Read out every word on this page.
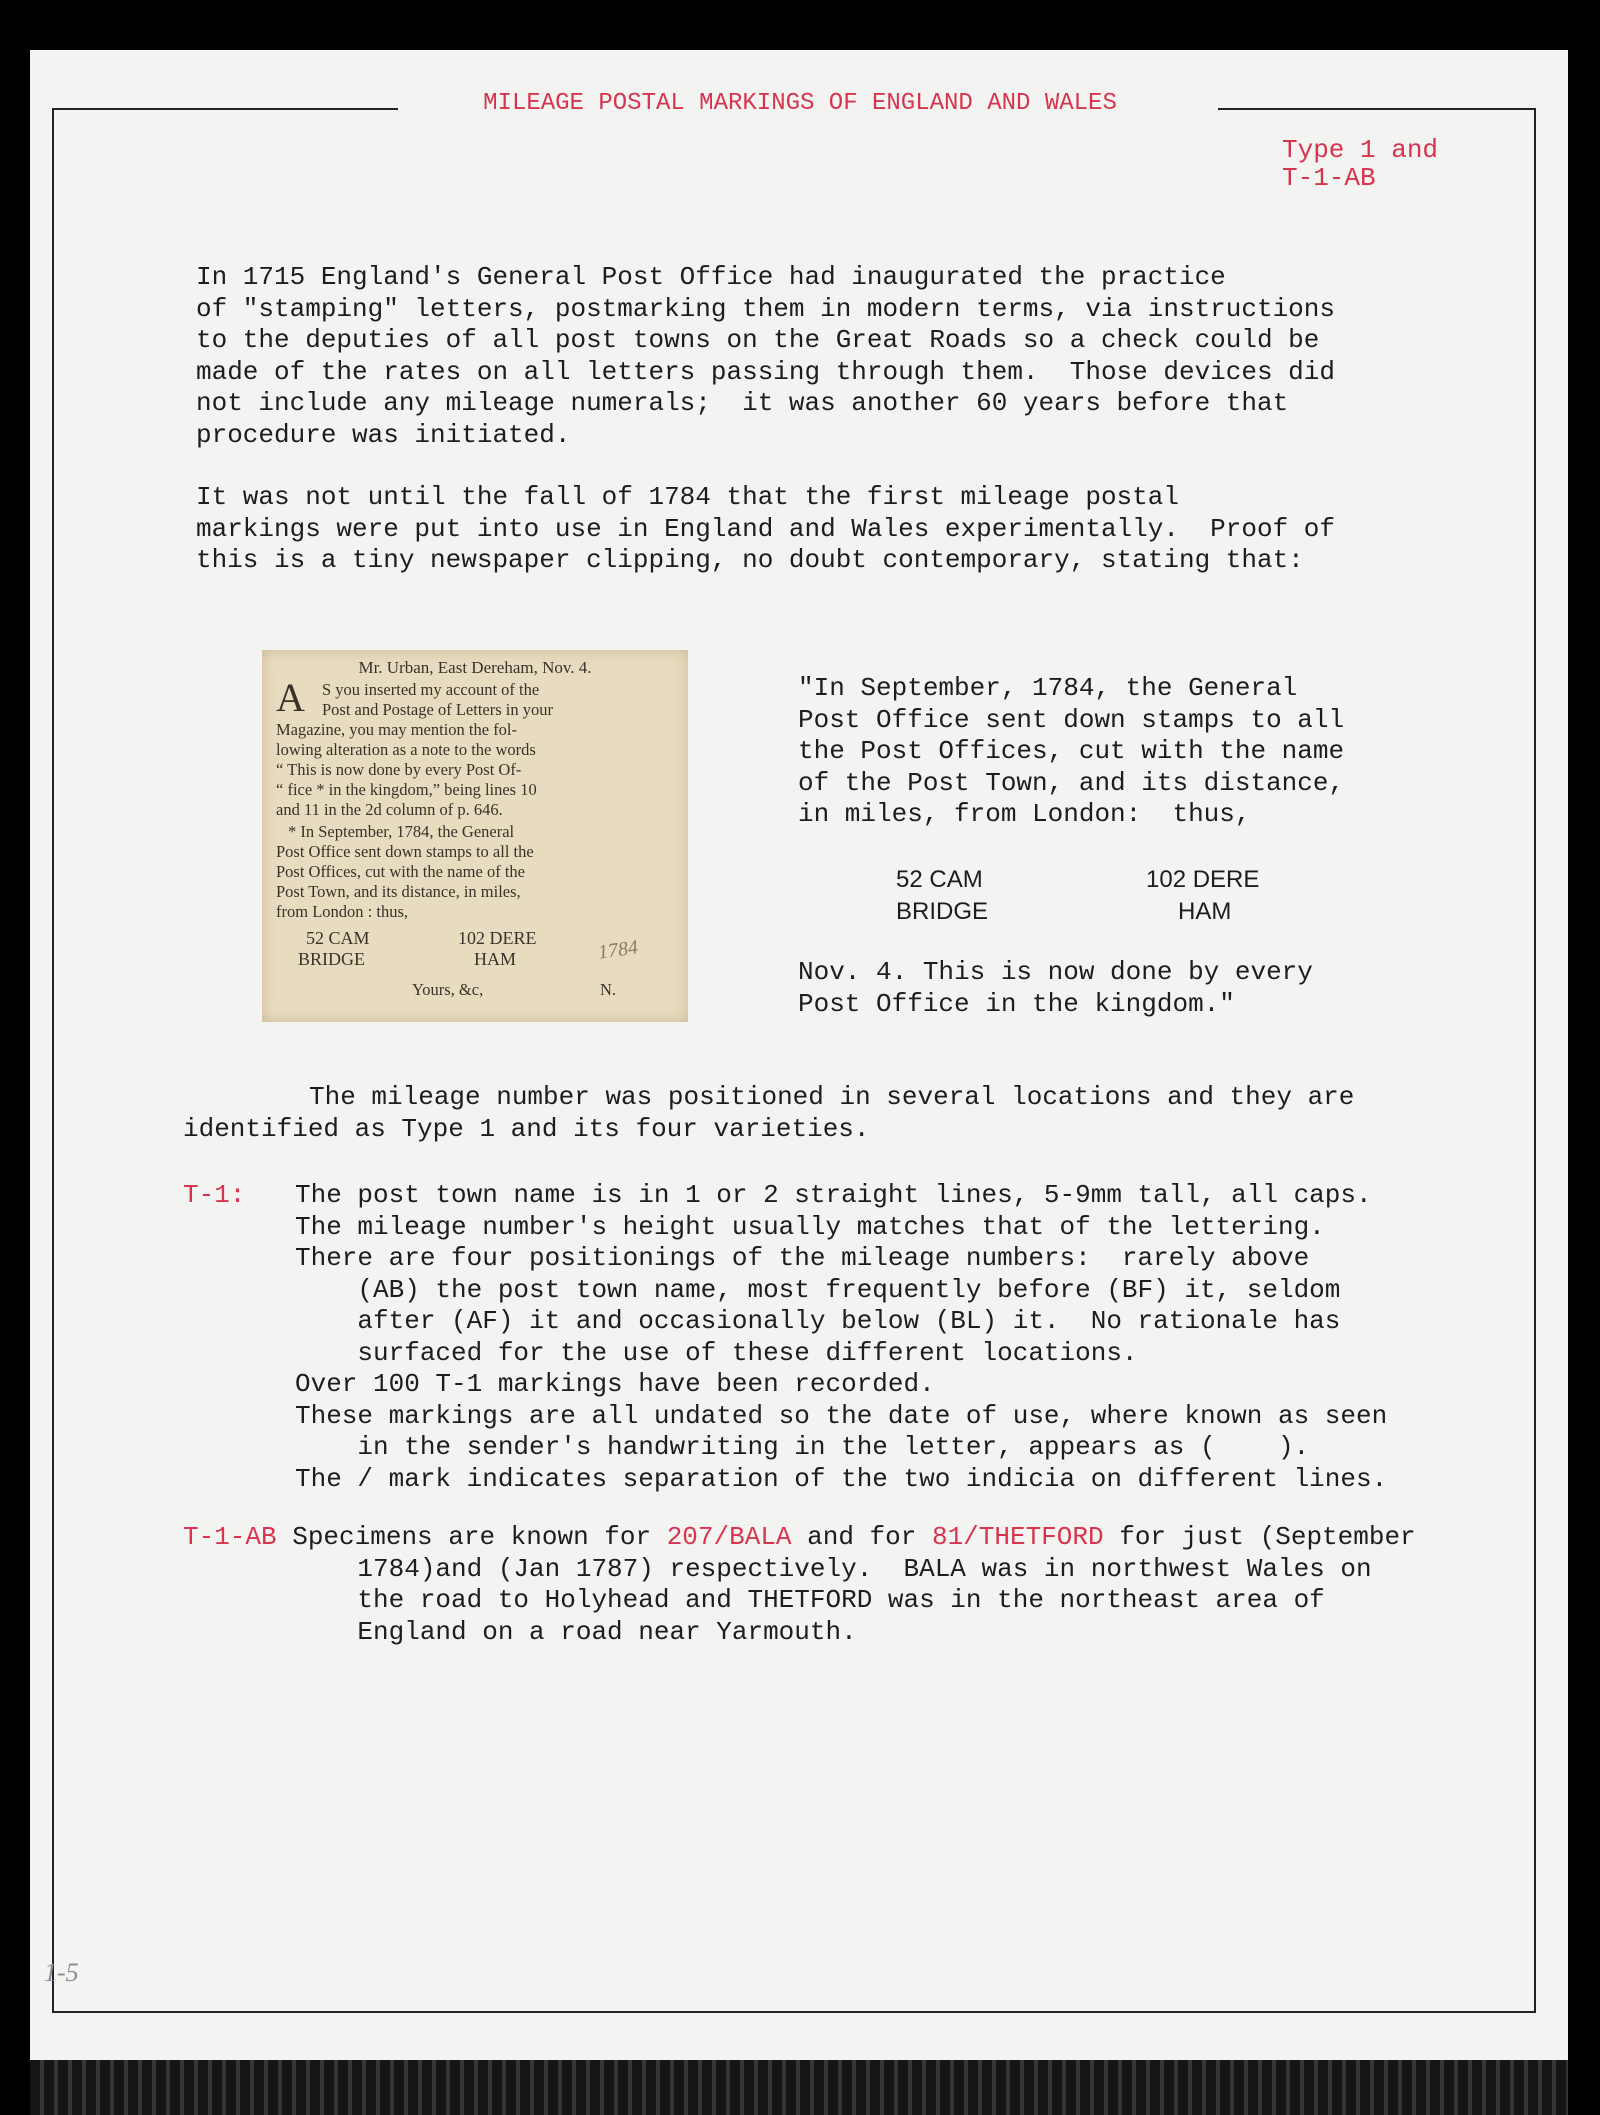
MILEAGE POSTAL MARKINGS OF ENGLAND AND WALES
Type 1 and
T-1-AB
In 1715 England's General Post Office had inaugurated the practice
of "stamping" letters, postmarking them in modern terms, via instructions
to the deputies of all post towns on the Great Roads so a check could be
made of the rates on all letters passing through them.  Those devices did
not include any mileage numerals;  it was another 60 years before that
procedure was initiated.
It was not until the fall of 1784 that the first mileage postal
markings were put into use in England and Wales experimentally.  Proof of
this is a tiny newspaper clipping, no doubt contemporary, stating that:
Mr. Urban, East Dereham, Nov. 4.
A S you inserted my account of the
Post and Postage of Letters in your
Magazine, you may mention the fol-
lowing alteration as a note to the words
“ This is now done by every Post Of-
“ fice * in the kingdom,” being lines 10
and 11 in the 2d column of p. 646.
* In September, 1784, the General
Post Office sent down stamps to all the
Post Offices, cut with the name of the
Post Town, and its distance, in miles,
from London : thus,
52 CAM
BRIDGE
102 DERE
HAM
Yours, &c,	N.
1784
"In September, 1784, the General
Post Office sent down stamps to all
the Post Offices, cut with the name
of the Post Town, and its distance,
in miles, from London:  thus,
52 CAM
BRIDGE
102 DERE
HAM
Nov. 4. This is now done by every
Post Office in the kingdom."
The mileage number was positioned in several locations and they are
identified as Type 1 and its four varieties.
T-1: The post town name is in 1 or 2 straight lines, 5-9mm tall, all caps.
The mileage number's height usually matches that of the lettering.
There are four positionings of the mileage numbers:  rarely above
(AB) the post town name, most frequently before (BF) it, seldom
after (AF) it and occasionally below (BL) it.  No rationale has
surfaced for the use of these different locations.
Over 100 T-1 markings have been recorded.
These markings are all undated so the date of use, where known as seen
in the sender's handwriting in the letter, appears as (    ).
The / mark indicates separation of the two indicia on different lines.
T-1-AB Specimens are known for 207/BALA and for 81/THETFORD for just (September
1784)and (Jan 1787) respectively.  BALA was in northwest Wales on
the road to Holyhead and THETFORD was in the northeast area of
England on a road near Yarmouth.
1-5
